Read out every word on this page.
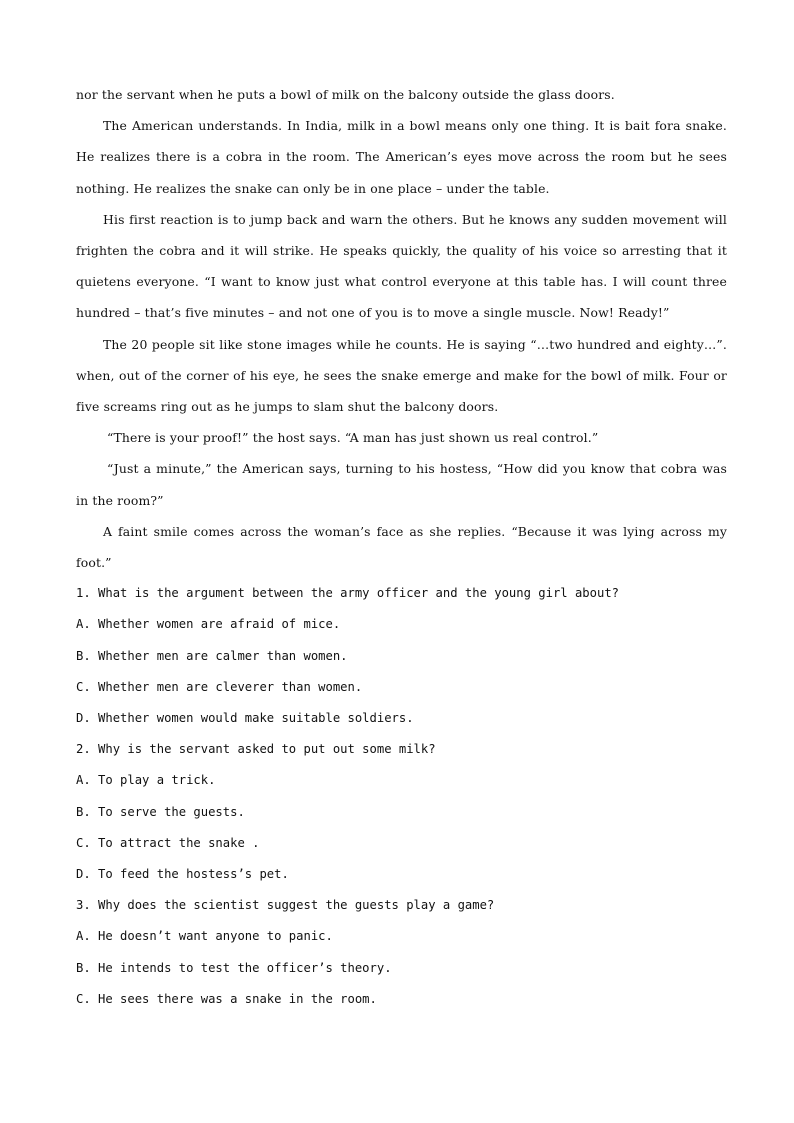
nor the servant when he puts a bowl of milk on the balcony outside the glass doors.

The American understands. In India, milk in a bowl means only one thing. It is bait fora snake. He realizes there is a cobra in the room. The American’s eyes move across the room but he sees nothing. He realizes the snake can only be in one place – under the table.

His first reaction is to jump back and warn the others. But he knows any sudden movement will frighten the cobra and it will strike. He speaks quickly, the quality of his voice so arresting that it quietens everyone. “I want to know just what control everyone at this table has. I will count three hundred – that’s five minutes – and not one of you is to move a single muscle. Now! Ready!”

The 20 people sit like stone images while he counts. He is saying “…two hundred and eighty…”. when, out of the corner of his eye, he sees the snake emerge and make for the bowl of milk. Four or five screams ring out as he jumps to slam shut the balcony doors.

“There is your proof!” the host says. “A man has just shown us real control.”

“Just a minute,” the American says, turning to his hostess, “How did you know that cobra was in the room?”

A faint smile comes across the woman’s face as she replies. “Because it was lying across my foot.”

1. What is the argument between the army officer and the young girl about?

A. Whether women are afraid of mice.

B. Whether men are calmer than women.

C. Whether men are cleverer than women.

D. Whether women would make suitable soldiers.

2. Why is the servant asked to put out some milk?

A. To play a trick.

B. To serve the guests.

C. To attract the snake .

D. To feed the hostess’s pet.

3. Why does the scientist suggest the guests play a game?

A. He doesn’t want anyone to panic.

B. He intends to test the officer’s theory.

C. He sees there was a snake in the room.
